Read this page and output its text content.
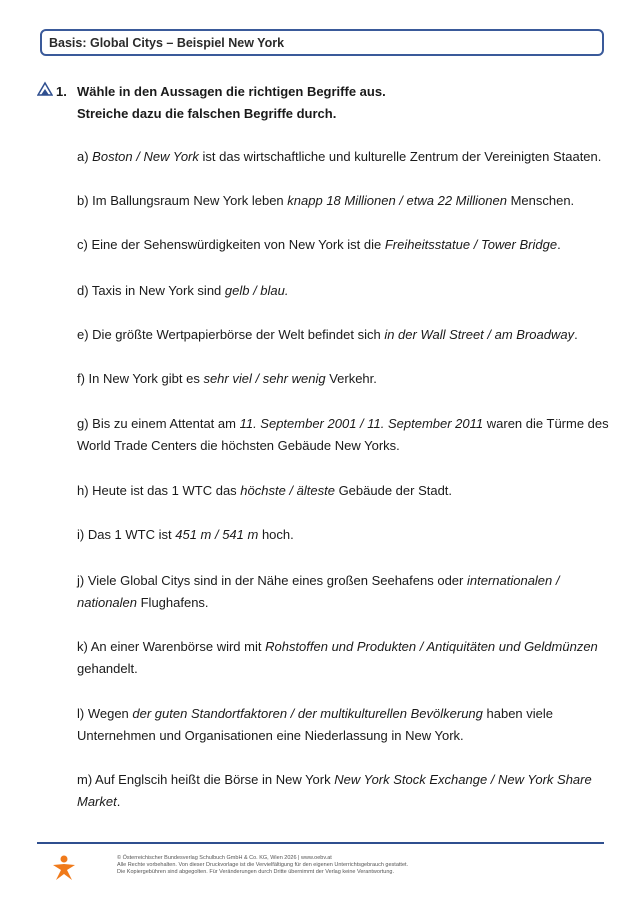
Basis: Global Citys – Beispiel New York
1. Wähle in den Aussagen die richtigen Begriffe aus.
Streiche dazu die falschen Begriffe durch.
a) Boston / New York ist das wirtschaftliche und kulturelle Zentrum der Vereinigten Staaten.
b) Im Ballungsraum New York leben knapp 18 Millionen / etwa 22 Millionen Menschen.
c) Eine der Sehenswürdigkeiten von New York ist die Freiheitsstatue / Tower Bridge.
d) Taxis in New York sind gelb / blau.
e) Die größte Wertpapierbörse der Welt befindet sich in der Wall Street / am Broadway.
f) In New York gibt es sehr viel / sehr wenig Verkehr.
g) Bis zu einem Attentat am 11. September 2001 / 11. September 2011 waren die Türme des World Trade Centers die höchsten Gebäude New Yorks.
h) Heute ist das 1 WTC das höchste / älteste Gebäude der Stadt.
i) Das 1 WTC ist 451 m / 541 m hoch.
j) Viele Global Citys sind in der Nähe eines großen Seehafens oder internationalen / nationalen Flughafens.
k) An einer Warenbörse wird mit Rohstoffen und Produkten / Antiquitäten und Geldmünzen gehandelt.
l) Wegen der guten Standortfaktoren / der multikulturellen Bevölkerung haben viele Unternehmen und Organisationen eine Niederlassung in New York.
m) Auf Englscih heißt die Börse in New York New York Stock Exchange / New York Share Market.
© Österreichischer Bundesverlag Schulbuch GmbH & Co. KG, Wien 2026 | www.oebv.at
Alle Rechte vorbehalten. Von dieser Druckvorlage ist die Vervielfältigung für den eigenen Unterrichtsgebrauch gestattet.
Die Kopiergebühren sind abgegolten. Für Veränderungen durch Dritte übernimmt der Verlag keine Verantwortung.
